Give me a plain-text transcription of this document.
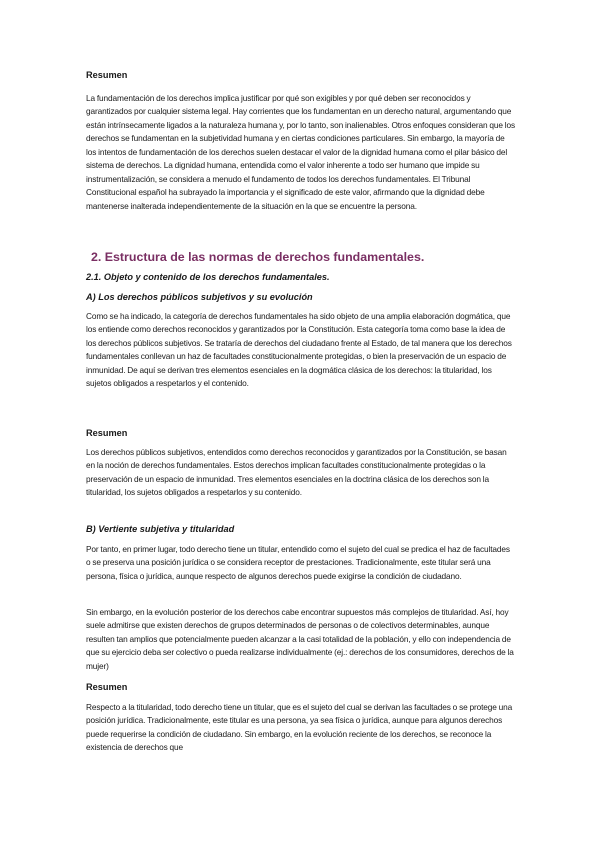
Resumen

La fundamentación de los derechos implica justificar por qué son exigibles y por qué deben ser reconocidos y garantizados por cualquier sistema legal. Hay corrientes que los fundamentan en un derecho natural, argumentando que están intrínsecamente ligados a la naturaleza humana y, por lo tanto, son inalienables. Otros enfoques consideran que los derechos se fundamentan en la subjetividad humana y en ciertas condiciones particulares. Sin embargo, la mayoría de los intentos de fundamentación de los derechos suelen destacar el valor de la dignidad humana como el pilar básico del sistema de derechos. La dignidad humana, entendida como el valor inherente a todo ser humano que impide su instrumentalización, se considera a menudo el fundamento de todos los derechos fundamentales. El Tribunal Constitucional español ha subrayado la importancia y el significado de este valor, afirmando que la dignidad debe mantenerse inalterada independientemente de la situación en la que se encuentre la persona.

2. Estructura de las normas de derechos fundamentales.

2.1. Objeto y contenido de los derechos fundamentales.

A) Los derechos públicos subjetivos y su evolución

Como se ha indicado, la categoría de derechos fundamentales ha sido objeto de una amplia elaboración dogmática, que los entiende como derechos reconocidos y garantizados por la Constitución. Esta categoría toma como base la idea de los derechos públicos subjetivos. Se trataría de derechos del ciudadano frente al Estado, de tal manera que los derechos fundamentales conllevan un haz de facultades constitucionalmente protegidas, o bien la preservación de un espacio de inmunidad. De aquí se derivan tres elementos esenciales en la dogmática clásica de los derechos: la titularidad, los sujetos obligados a respetarlos y el contenido.

Resumen

Los derechos públicos subjetivos, entendidos como derechos reconocidos y garantizados por la Constitución, se basan en la noción de derechos fundamentales. Estos derechos implican facultades constitucionalmente protegidas o la preservación de un espacio de inmunidad. Tres elementos esenciales en la doctrina clásica de los derechos son la titularidad, los sujetos obligados a respetarlos y su contenido.

B) Vertiente subjetiva y titularidad

Por tanto, en primer lugar, todo derecho tiene un titular, entendido como el sujeto del cual se predica el haz de facultades o se preserva una posición jurídica o se considera receptor de prestaciones. Tradicionalmente, este titular será una persona, física o jurídica, aunque respecto de algunos derechos puede exigirse la condición de ciudadano.

Sin embargo, en la evolución posterior de los derechos cabe encontrar supuestos más complejos de titularidad. Así, hoy suele admitirse que existen derechos de grupos determinados de personas o de colectivos determinables, aunque resulten tan amplios que potencialmente pueden alcanzar a la casi totalidad de la población, y ello con independencia de que su ejercicio deba ser colectivo o pueda realizarse individualmente (ej.: derechos de los consumidores, derechos de la mujer)

Resumen

Respecto a la titularidad, todo derecho tiene un titular, que es el sujeto del cual se derivan las facultades o se protege una posición jurídica. Tradicionalmente, este titular es una persona, ya sea física o jurídica, aunque para algunos derechos puede requerirse la condición de ciudadano. Sin embargo, en la evolución reciente de los derechos, se reconoce la existencia de derechos que
